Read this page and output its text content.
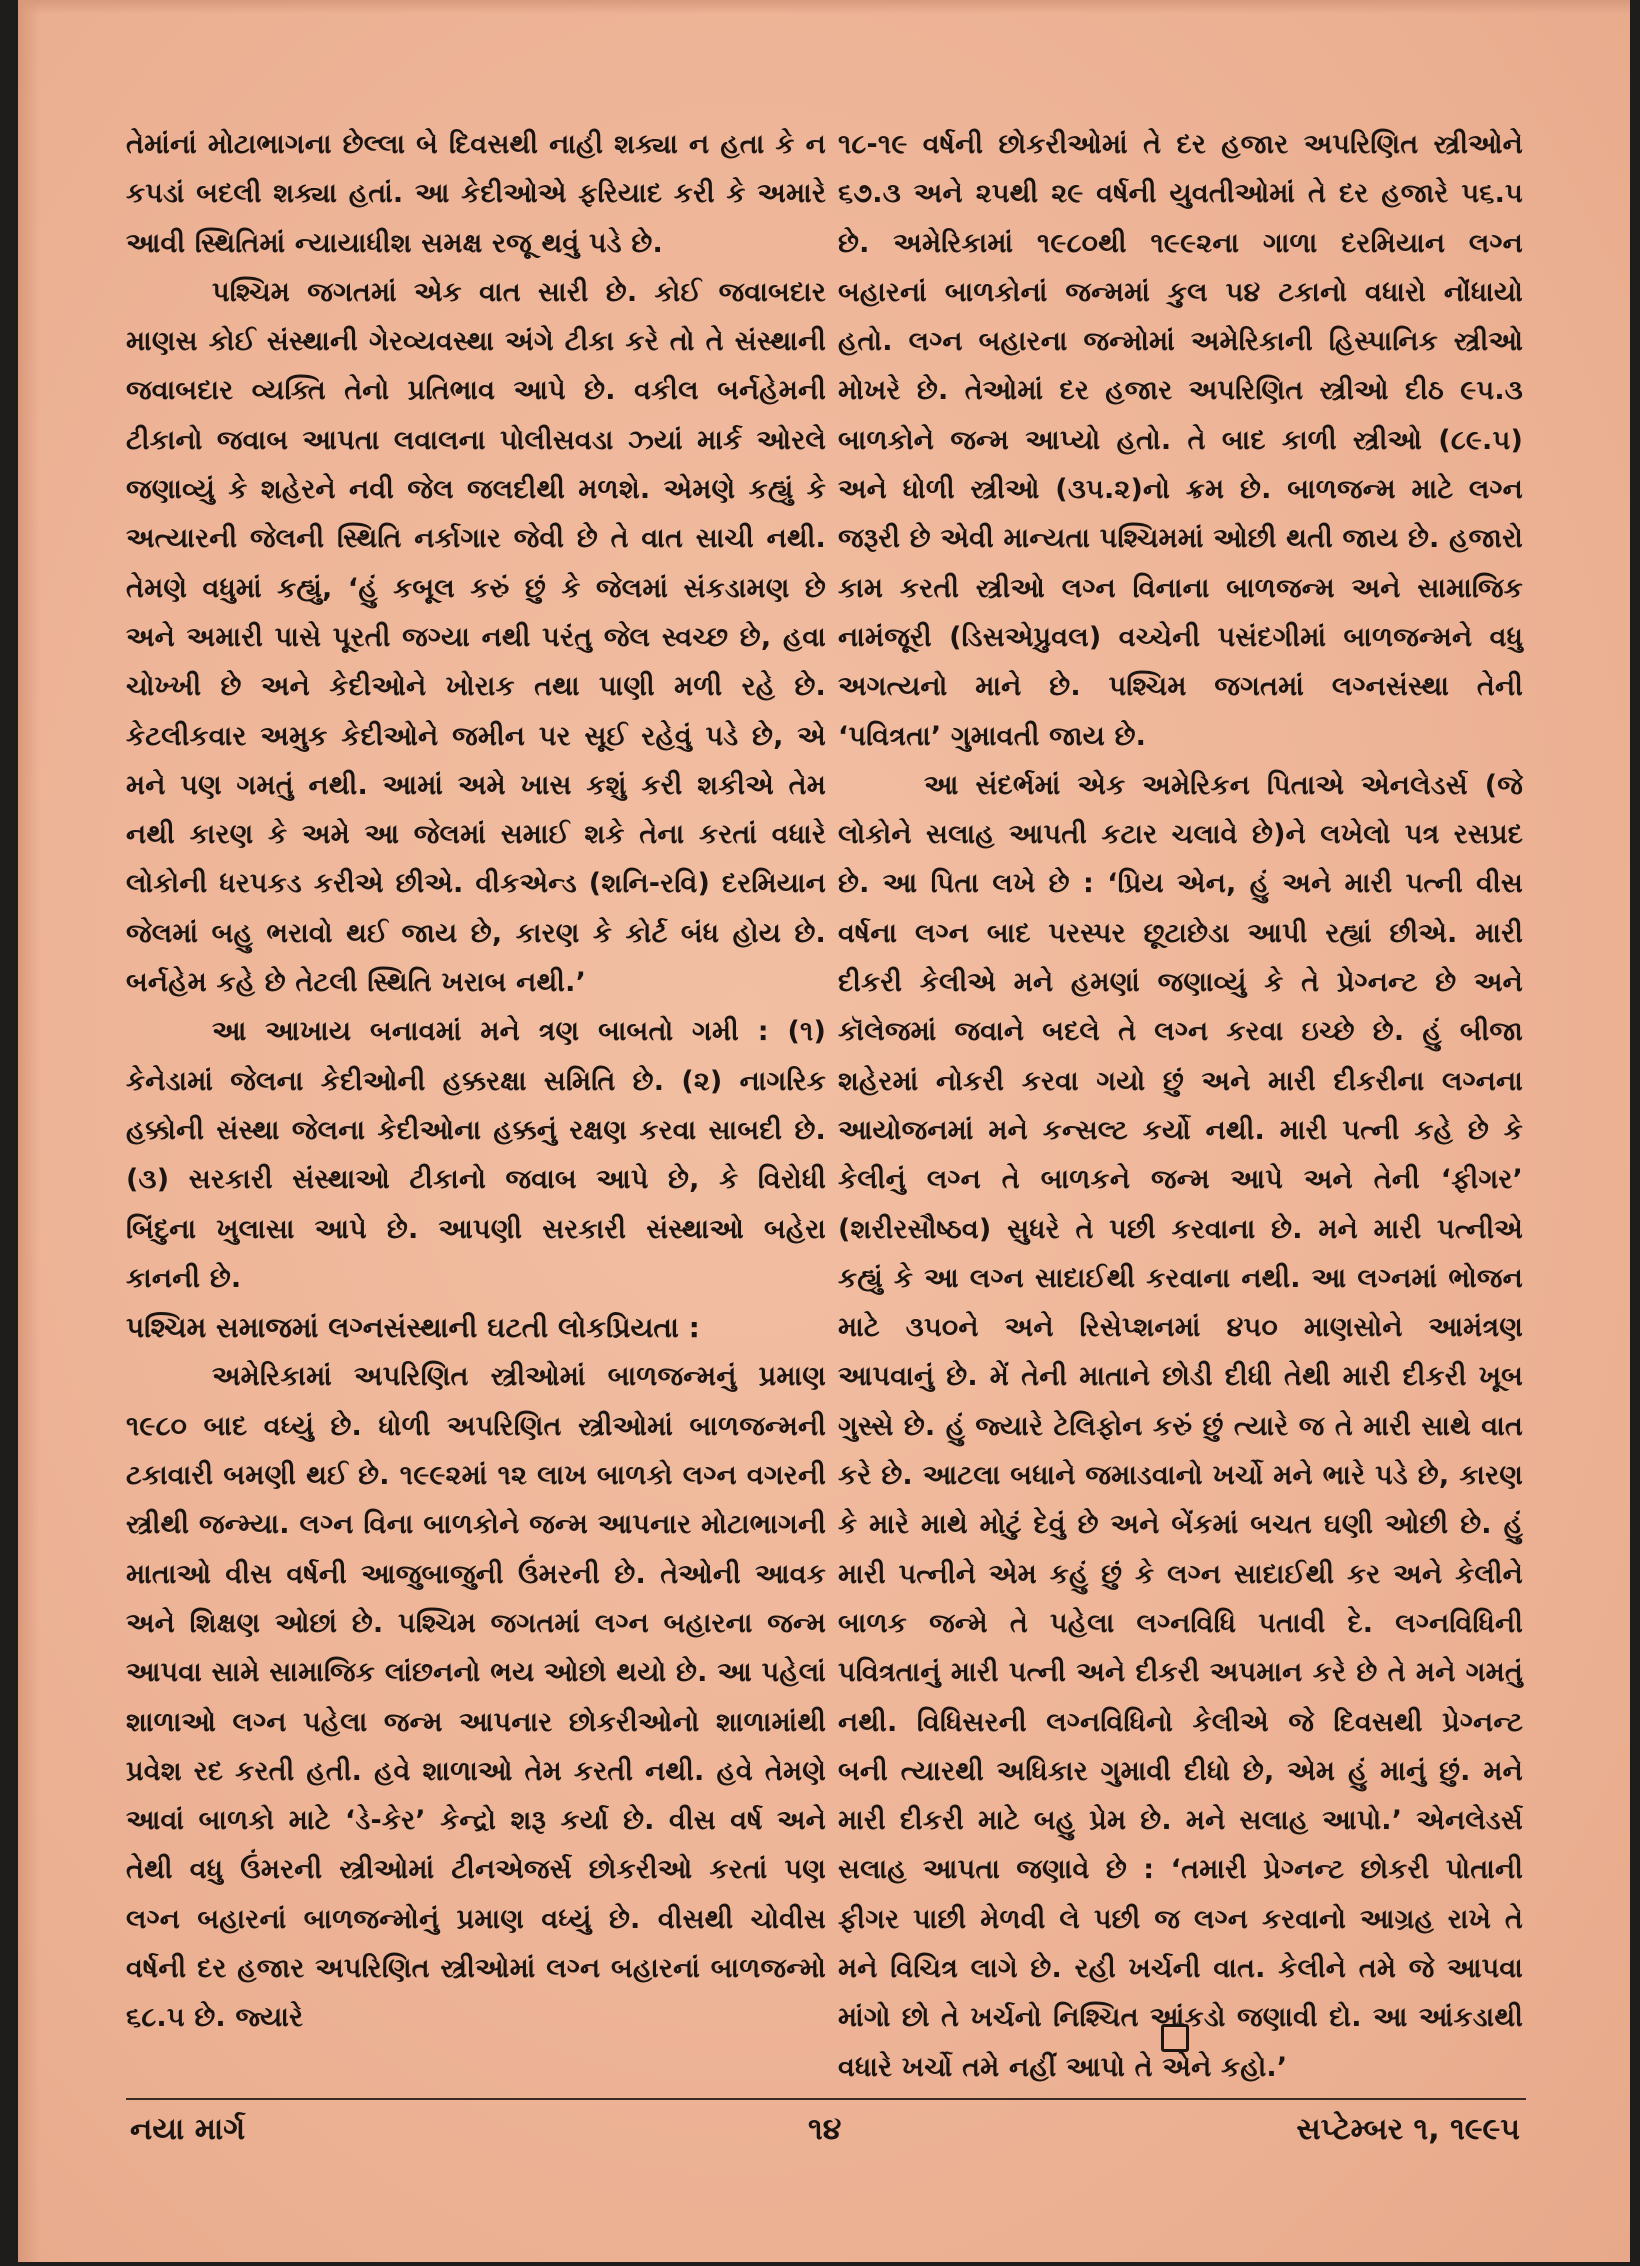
તેમાંનાં મોટાભાગના છેલ્લા બે દિવસથી નાહી શક્યા ન હતા કે ન કપડાં બદલી શક્યા હતાં. આ કેદીઓએ ફરિયાદ કરી કે અમારે આવી સ્થિતિમાં ન્યાયાધીશ સમક્ષ રજૂ થવું પડે છે.

પશ્ચિમ જગતમાં એક વાત સારી છે. કોઈ જવાબદાર માણસ કોઈ સંસ્થાની ગેરવ્યવસ્થા અંગે ટીકા કરે તો તે સંસ્થાની જવાબદાર વ્યક્તિ તેનો પ્રતિભાવ આપે છે. વકીલ બર્નહેમની ટીકાનો જવાબ આપતા લવાલના પોલીસવડા ઝ્યાં માર્ક ઓરલે જણાવ્યું કે શહેરને નવી જેલ જલદીથી મળશે. એમણે કહ્યું કે અત્યારની જેલની સ્થિતિ નર્કાગાર જેવી છે તે વાત સાચી નથી. તેમણે વધુમાં કહ્યું, ‘હું કબૂલ કરું છું કે જેલમાં સંકડામણ છે અને અમારી પાસે પૂરતી જગ્યા નથી પરંતુ જેલ સ્વચ્છ છે, હવા ચોખ્ખી છે અને કેદીઓને ખોરાક તથા પાણી મળી રહે છે. કેટલીકવાર અમુક કેદીઓને જમીન પર સૂઈ રહેવું પડે છે, એ મને પણ ગમતું નથી. આમાં અમે ખાસ કશું કરી શકીએ તેમ નથી કારણ કે અમે આ જેલમાં સમાઈ શકે તેના કરતાં વધારે લોકોની ધરપકડ કરીએ છીએ. વીકએન્ડ (શનિ-રવિ) દરમિયાન જેલમાં બહુ ભરાવો થઈ જાય છે, કારણ કે કોર્ટ બંધ હોય છે. બર્નહેમ કહે છે તેટલી સ્થિતિ ખરાબ નથી.’

આ આખાય બનાવમાં મને ત્રણ બાબતો ગમી : (૧) કેનેડામાં જેલના કેદીઓની હક્કરક્ષા સમિતિ છે. (૨) નાગરિક હક્કોની સંસ્થા જેલના કેદીઓના હક્કનું રક્ષણ કરવા સાબદી છે. (૩) સરકારી સંસ્થાઓ ટીકાનો જવાબ આપે છે, કે વિરોધી બિંદુના ખુલાસા આપે છે. આપણી સરકારી સંસ્થાઓ બહેરા કાનની છે.

પશ્ચિમ સમાજમાં લગ્નસંસ્થાની ઘટતી લોકપ્રિયતા :

અમેરિકામાં અપરિણિત સ્ત્રીઓમાં બાળજન્મનું પ્રમાણ ૧૯૮૦ બાદ વધ્યું છે. ધોળી અપરિણિત સ્ત્રીઓમાં બાળજન્મની ટકાવારી બમણી થઈ છે. ૧૯૯૨માં ૧૨ લાખ બાળકો લગ્ન વગરની સ્ત્રીથી જન્મ્યા. લગ્ન વિના બાળકોને જન્મ આપનાર મોટાભાગની માતાઓ વીસ વર્ષની આજુબાજુની ઉંમરની છે. તેઓની આવક અને શિક્ષણ ઓછાં છે. પશ્ચિમ જગતમાં લગ્ન બહારના જન્મ આપવા સામે સામાજિક લાંછનનો ભય ઓછો થયો છે. આ પહેલાં શાળાઓ લગ્ન પહેલા જન્મ આપનાર છોકરીઓનો શાળામાંથી પ્રવેશ રદ કરતી હતી. હવે શાળાઓ તેમ કરતી નથી. હવે તેમણે આવાં બાળકો માટે ‘ડે-કેર’ કેન્દ્રો શરૂ કર્યા છે. વીસ વર્ષ અને તેથી વધુ ઉંમરની સ્ત્રીઓમાં ટીનએજર્સ છોકરીઓ કરતાં પણ લગ્ન બહારનાં બાળજન્મોનું પ્રમાણ વધ્યું છે. વીસથી ચોવીસ વર્ષની દર હજાર અપરિણિત સ્ત્રીઓમાં લગ્ન બહારનાં બાળજન્મો ૬૮.૫ છે. જ્યારે

૧૮-૧૯ વર્ષની છોકરીઓમાં તે દર હજાર અપરિણિત સ્ત્રીઓને ૬૭.૩ અને ૨૫થી ૨૯ વર્ષની યુવતીઓમાં તે દર હજારે ૫૬.૫ છે. અમેરિકામાં ૧૯૮૦થી ૧૯૯૨ના ગાળા દરમિયાન લગ્ન બહારનાં બાળકોનાં જન્મમાં કુલ ૫૪ ટકાનો વધારો નોંધાયો હતો. લગ્ન બહારના જન્મોમાં અમેરિકાની હિસ્પાનિક સ્ત્રીઓ મોખરે છે. તેઓમાં દર હજાર અપરિણિત સ્ત્રીઓ દીઠ ૯૫.૩ બાળકોને જન્મ આપ્યો હતો. તે બાદ કાળી સ્ત્રીઓ (૮૯.૫) અને ધોળી સ્ત્રીઓ (૩૫.૨)નો ક્રમ છે. બાળજન્મ માટે લગ્ન જરૂરી છે એવી માન્યતા પશ્ચિમમાં ઓછી થતી જાય છે. હજારો કામ કરતી સ્ત્રીઓ લગ્ન વિનાના બાળજન્મ અને સામાજિક નામંજૂરી (ડિસએપ્રુવલ) વચ્ચેની પસંદગીમાં બાળજન્મને વધુ અગત્યનો માને છે. પશ્ચિમ જગતમાં લગ્નસંસ્થા તેની ‘પવિત્રતા’ ગુમાવતી જાય છે.

આ સંદર્ભમાં એક અમેરિકન પિતાએ એનલેડર્સ (જે લોકોને સલાહ આપતી કટાર ચલાવે છે)ને લખેલો પત્ર રસપ્રદ છે. આ પિતા લખે છે : ‘પ્રિય એન, હું અને મારી પત્ની વીસ વર્ષના લગ્ન બાદ પરસ્પર છૂટાછેડા આપી રહ્યાં છીએ. મારી દીકરી કેલીએ મને હમણાં જણાવ્યું કે તે પ્રેગ્નન્ટ છે અને કૉલેજમાં જવાને બદલે તે લગ્ન કરવા ઇચ્છે છે. હું બીજા શહેરમાં નોકરી કરવા ગયો છું અને મારી દીકરીના લગ્નના આયોજનમાં મને કન્સલ્ટ કર્યો નથી. મારી પત્ની કહે છે કે કેલીનું લગ્ન તે બાળકને જન્મ આપે અને તેની ‘ફીગર’ (શરીરસૌષ્ઠવ) સુધરે તે પછી કરવાના છે. મને મારી પત્નીએ કહ્યું કે આ લગ્ન સાદાઈથી કરવાના નથી. આ લગ્નમાં ભોજન માટે ૩૫૦ને અને રિસેપ્શનમાં ૪૫૦ માણસોને આમંત્રણ આપવાનું છે. મેં તેની માતાને છોડી દીધી તેથી મારી દીકરી ખૂબ ગુસ્સે છે. હું જ્યારે ટેલિફોન કરું છું ત્યારે જ તે મારી સાથે વાત કરે છે. આટલા બધાને જમાડવાનો ખર્ચો મને ભારે પડે છે, કારણ કે મારે માથે મોટું દેવું છે અને બેંકમાં બચત ઘણી ઓછી છે. હું મારી પત્નીને એમ કહું છું કે લગ્ન સાદાઈથી કર અને કેલીને બાળક જન્મે તે પહેલા લગ્નવિધિ પતાવી દે. લગ્નવિધિની પવિત્રતાનું મારી પત્ની અને દીકરી અપમાન કરે છે તે મને ગમતું નથી. વિધિસરની લગ્નવિધિનો કેલીએ જે દિવસથી પ્રેગ્નન્ટ બની ત્યારથી અધિકાર ગુમાવી દીધો છે, એમ હું માનું છું. મને મારી દીકરી માટે બહુ પ્રેમ છે. મને સલાહ આપો.’ એનલેડર્સ સલાહ આપતા જણાવે છે : ‘તમારી પ્રેગ્નન્ટ છોકરી પોતાની ફીગર પાછી મેળવી લે પછી જ લગ્ન કરવાનો આગ્રહ રાખે તે મને વિચિત્ર લાગે છે. રહી ખર્ચની વાત. કેલીને તમે જે આપવા માંગો છો તે ખર્ચનો નિશ્ચિત આંકડો જણાવી દો. આ આંકડાથી વધારે ખર્ચો તમે નહીં આપો તે એને કહો.’

નયા માર્ગ	૧૪	સપ્ટેમ્બર ૧, ૧૯૯૫
